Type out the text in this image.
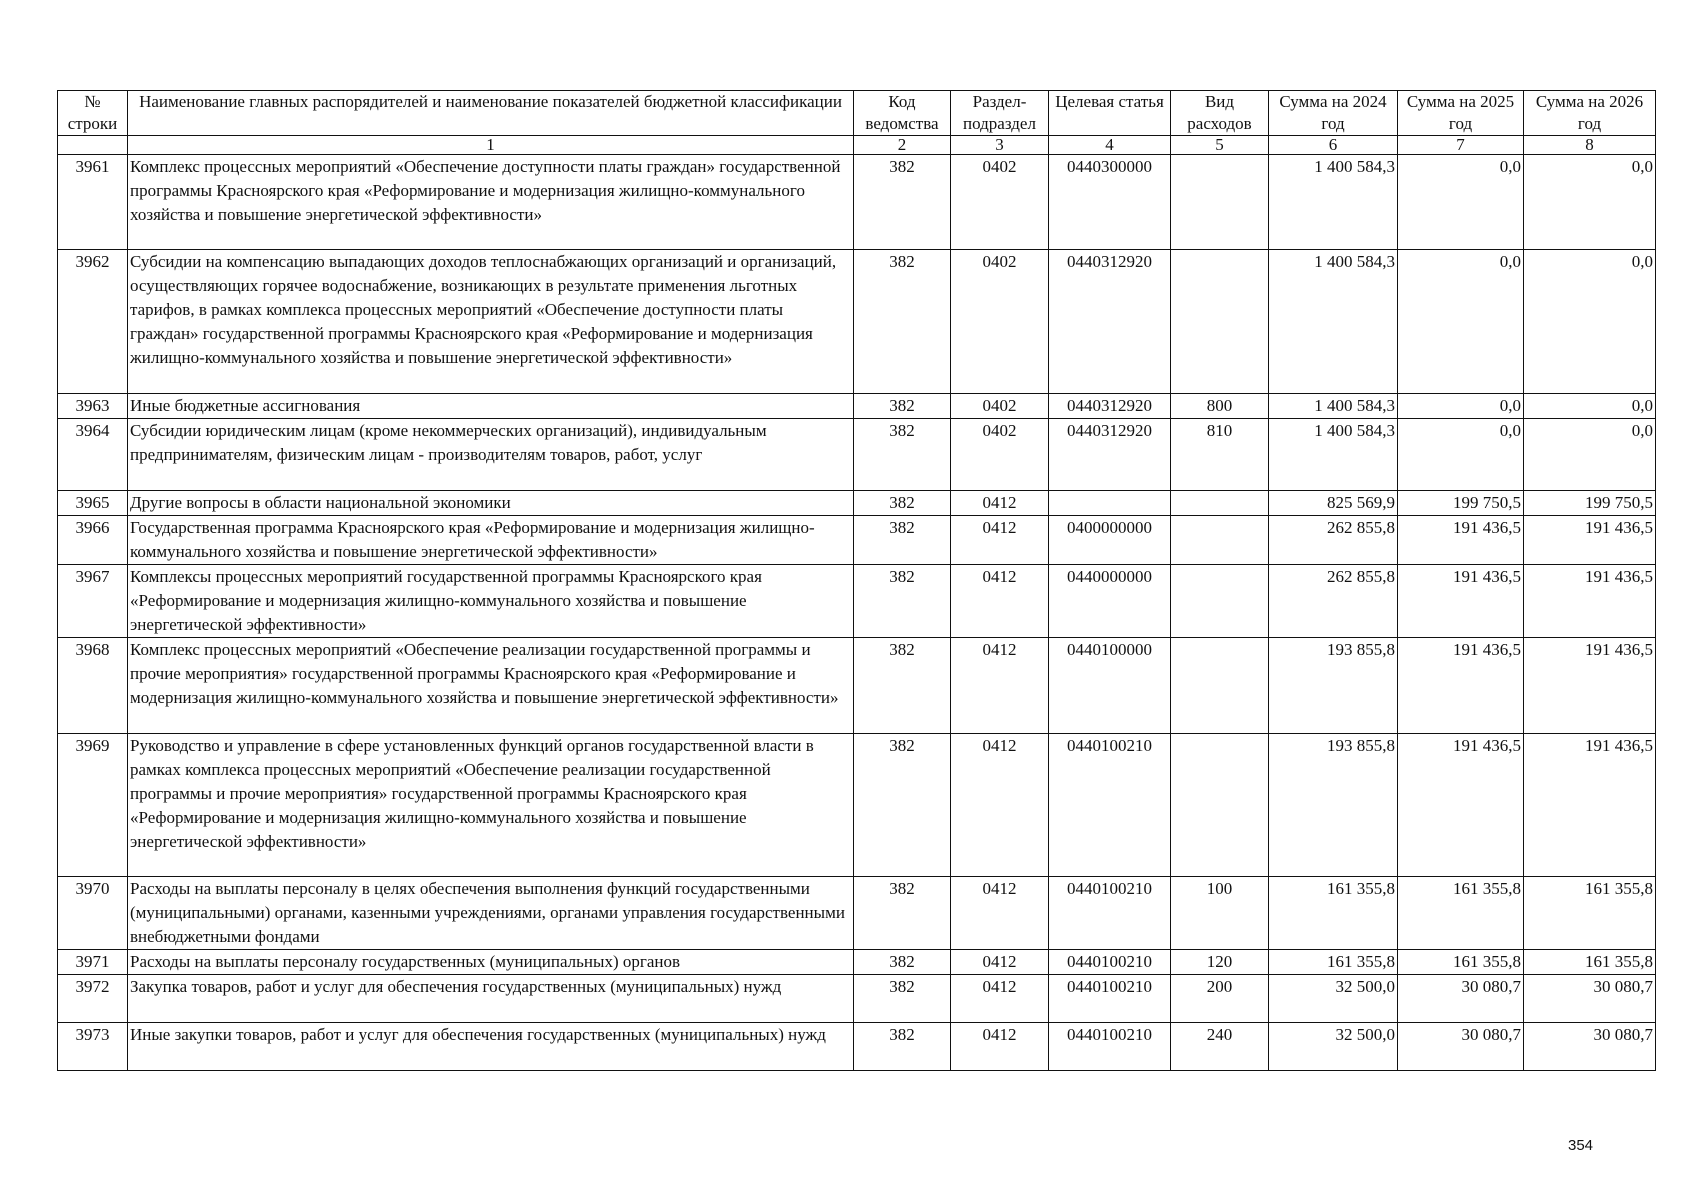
№ строки	Наименование главных распорядителей и наименование показателей бюджетной классификации	Код ведомства	Раздел-подраздел	Целевая статья	Вид расходов	Сумма на 2024 год	Сумма на 2025 год	Сумма на 2026 год
	1	2	3	4	5	6	7	8
3961	Комплекс процессных мероприятий «Обеспечение доступности платы граждан» государственной программы Красноярского края «Реформирование и модернизация жилищно-коммунального хозяйства и повышение энергетической эффективности»	382	0402	0440300000		1 400 584,3	0,0	0,0
3962	Субсидии на компенсацию выпадающих доходов теплоснабжающих организаций и организаций, осуществляющих горячее водоснабжение, возникающих в результате применения льготных тарифов, в рамках комплекса процессных мероприятий «Обеспечение доступности платы граждан» государственной программы Красноярского края «Реформирование и модернизация жилищно-коммунального хозяйства и повышение энергетической эффективности»	382	0402	0440312920		1 400 584,3	0,0	0,0
3963	Иные бюджетные ассигнования	382	0402	0440312920	800	1 400 584,3	0,0	0,0
3964	Субсидии юридическим лицам (кроме некоммерческих организаций), индивидуальным предпринимателям, физическим лицам - производителям товаров, работ, услуг	382	0402	0440312920	810	1 400 584,3	0,0	0,0
3965	Другие вопросы в области национальной экономики	382	0412			825 569,9	199 750,5	199 750,5
3966	Государственная программа Красноярского края «Реформирование и модернизация жилищно-коммунального хозяйства и повышение энергетической эффективности»	382	0412	0400000000		262 855,8	191 436,5	191 436,5
3967	Комплексы процессных мероприятий государственной программы Красноярского края «Реформирование и модернизация жилищно-коммунального хозяйства и повышение энергетической эффективности»	382	0412	0440000000		262 855,8	191 436,5	191 436,5
3968	Комплекс процессных мероприятий «Обеспечение реализации государственной программы и прочие мероприятия» государственной программы Красноярского края «Реформирование и модернизация жилищно-коммунального хозяйства и повышение энергетической эффективности»	382	0412	0440100000		193 855,8	191 436,5	191 436,5
3969	Руководство и управление в сфере установленных функций органов государственной власти в рамках комплекса процессных мероприятий «Обеспечение реализации государственной программы и прочие мероприятия» государственной программы Красноярского края «Реформирование и модернизация жилищно-коммунального хозяйства и повышение энергетической эффективности»	382	0412	0440100210		193 855,8	191 436,5	191 436,5
3970	Расходы на выплаты персоналу в целях обеспечения выполнения функций государственными (муниципальными) органами, казенными учреждениями, органами управления государственными внебюджетными фондами	382	0412	0440100210	100	161 355,8	161 355,8	161 355,8
3971	Расходы на выплаты персоналу государственных (муниципальных) органов	382	0412	0440100210	120	161 355,8	161 355,8	161 355,8
3972	Закупка товаров, работ и услуг для обеспечения государственных (муниципальных) нужд	382	0412	0440100210	200	32 500,0	30 080,7	30 080,7
3973	Иные закупки товаров, работ и услуг для обеспечения государственных (муниципальных) нужд	382	0412	0440100210	240	32 500,0	30 080,7	30 080,7
354
